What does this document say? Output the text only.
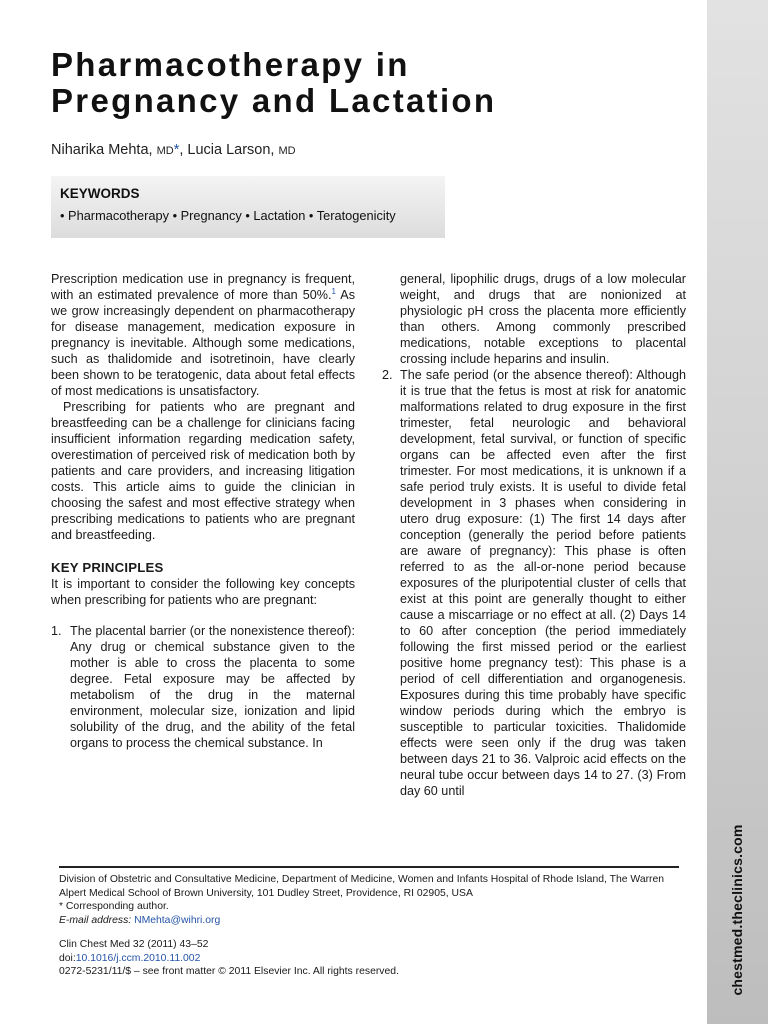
chestmed.theclinics.com
Pharmacotherapy in
Pregnancy and Lactation
Niharika Mehta, MD*, Lucia Larson, MD
KEYWORDS
• Pharmacotherapy • Pregnancy • Lactation • Teratogenicity

Prescription medication use in pregnancy is frequent, with an estimated prevalence of more than 50%.$^1$ As we grow increasingly dependent on pharmacotherapy for disease management, medication exposure in pregnancy is inevitable. Although some medications, such as thalidomide and isotretinoin, have clearly been shown to be teratogenic, data about fetal effects of most medications is unsatisfactory.

Prescribing for patients who are pregnant and breastfeeding can be a challenge for clinicians facing insufficient information regarding medication safety, overestimation of perceived risk of medication both by patients and care providers, and increasing litigation costs. This article aims to guide the clinician in choosing the safest and most effective strategy when prescribing medications to patients who are pregnant and breastfeeding.

KEY PRINCIPLES

It is important to consider the following key concepts when prescribing for patients who are pregnant:

1. The placental barrier (or the nonexistence thereof): Any drug or chemical substance given to the mother is able to cross the placenta to some degree. Fetal exposure may be affected by metabolism of the drug in the maternal environment, molecular size, ionization and lipid solubility of the drug, and the ability of the fetal organs to process the chemical substance. In

general, lipophilic drugs, drugs of a low molecular weight, and drugs that are nonionized at physiologic pH cross the placenta more efficiently than others. Among commonly prescribed medications, notable exceptions to placental crossing include heparins and insulin.

2. The safe period (or the absence thereof): Although it is true that the fetus is most at risk for anatomic malformations related to drug exposure in the first trimester, fetal neurologic and behavioral development, fetal survival, or function of specific organs can be affected even after the first trimester. For most medications, it is unknown if a safe period truly exists. It is useful to divide fetal development in 3 phases when considering in utero drug exposure: (1) The first 14 days after conception (generally the period before patients are aware of pregnancy): This phase is often referred to as the all-or-none period because exposures of the pluripotential cluster of cells that exist at this point are generally thought to either cause a miscarriage or no effect at all. (2) Days 14 to 60 after conception (the period immediately following the first missed period or the earliest positive home pregnancy test): This phase is a period of cell differentiation and organogenesis. Exposures during this time probably have specific window periods during which the embryo is susceptible to particular toxicities. Thalidomide effects were seen only if the drug was taken between days 21 to 36. Valproic acid effects on the neural tube occur between days 14 to 27. (3) From day 60 until

Division of Obstetric and Consultative Medicine, Department of Medicine, Women and Infants Hospital of Rhode Island, The Warren Alpert Medical School of Brown University, 101 Dudley Street, Providence, RI 02905, USA

* Corresponding author.

E-mail address: NMehta@wihri.org

Clin Chest Med 32 (2011) 43–52

doi:10.1016/j.ccm.2010.11.002

0272-5231/11/$ – see front matter © 2011 Elsevier Inc. All rights reserved.
